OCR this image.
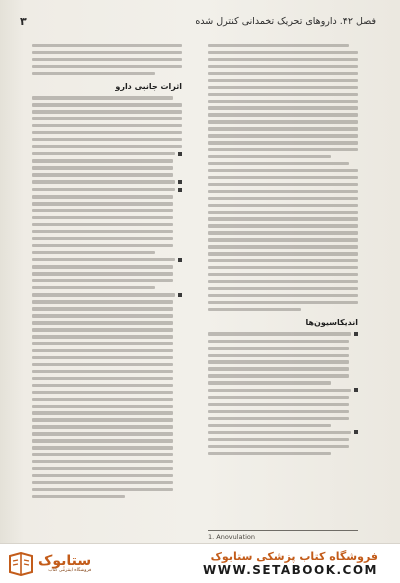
فصل ۴۲. داروهای تحریک تخمدانی کنترل شده
۳
اندیکاسیون‌ها
1. Anovulation
اثرات جانبی دارو
ستابوک
فروشگاه اینترنتی کتاب
فروشگاه کتاب پزشکی ستابوک
WWW.SETABOOK.COM
